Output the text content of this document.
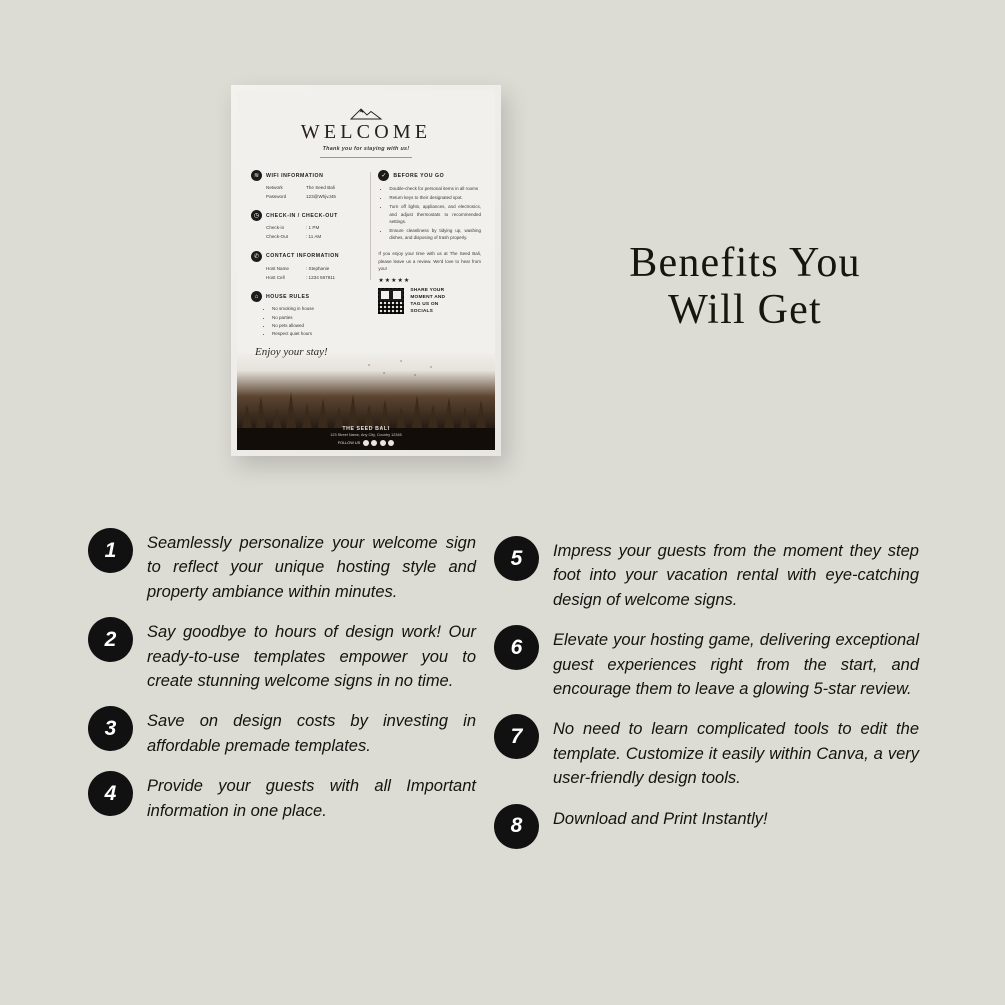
WELCOME
Thank you for staying with us!
≋	WIFI INFORMATION
Network	The Seed Bali
Password	123@WhjvJ45
◷	CHECK-IN / CHECK-OUT
Check-in	: 1 PM
Check-Out	: 11 AM
✆	CONTACT INFORMATION
Host Name	: Stephanie
Host Cell	: 1234 567811
⌂	HOUSE RULES
• No smoking in house
• No parties
• No pets allowed
• Respect quiet hours
✓	BEFORE YOU GO
• Double-check for personal items in all rooms
• Return keys to their designated spot.
• Turn off lights, appliances, and electronics, and adjust thermostats to recommended settings.
• Ensure cleanliness by tidying up, washing dishes, and disposing of trash properly.
If you enjoy your time with us at The Seed Bali, please leave us a review. We'd love to hear from you!
★★★★★
SHARE YOUR
MOMENT AND
TAG US ON
SOCIALS
Enjoy your stay!
⌃
⌃
⌃
⌃
⌃
THE SEED BALI
123 Street Name, Any City, Country 12345
FOLLOW US
Benefits You
Will Get
1	Seamlessly personalize your welcome sign to reflect your unique hosting style and property ambiance within minutes.
2	Say goodbye to hours of design work! Our ready-to-use templates empower you to create stunning welcome signs in no time.
3	Save on design costs by investing in affordable premade templates.
4	Provide your guests with all Important information in one place.
5	Impress your guests from the moment they step foot into your vacation rental with eye-catching design of welcome signs.
6	Elevate your hosting game, delivering exceptional guest experiences right from the start, and encourage them to leave a glowing 5-star review.
7	No need to learn complicated tools to edit the template. Customize it easily within Canva, a very user-friendly design tools.
8	Download and Print Instantly!
